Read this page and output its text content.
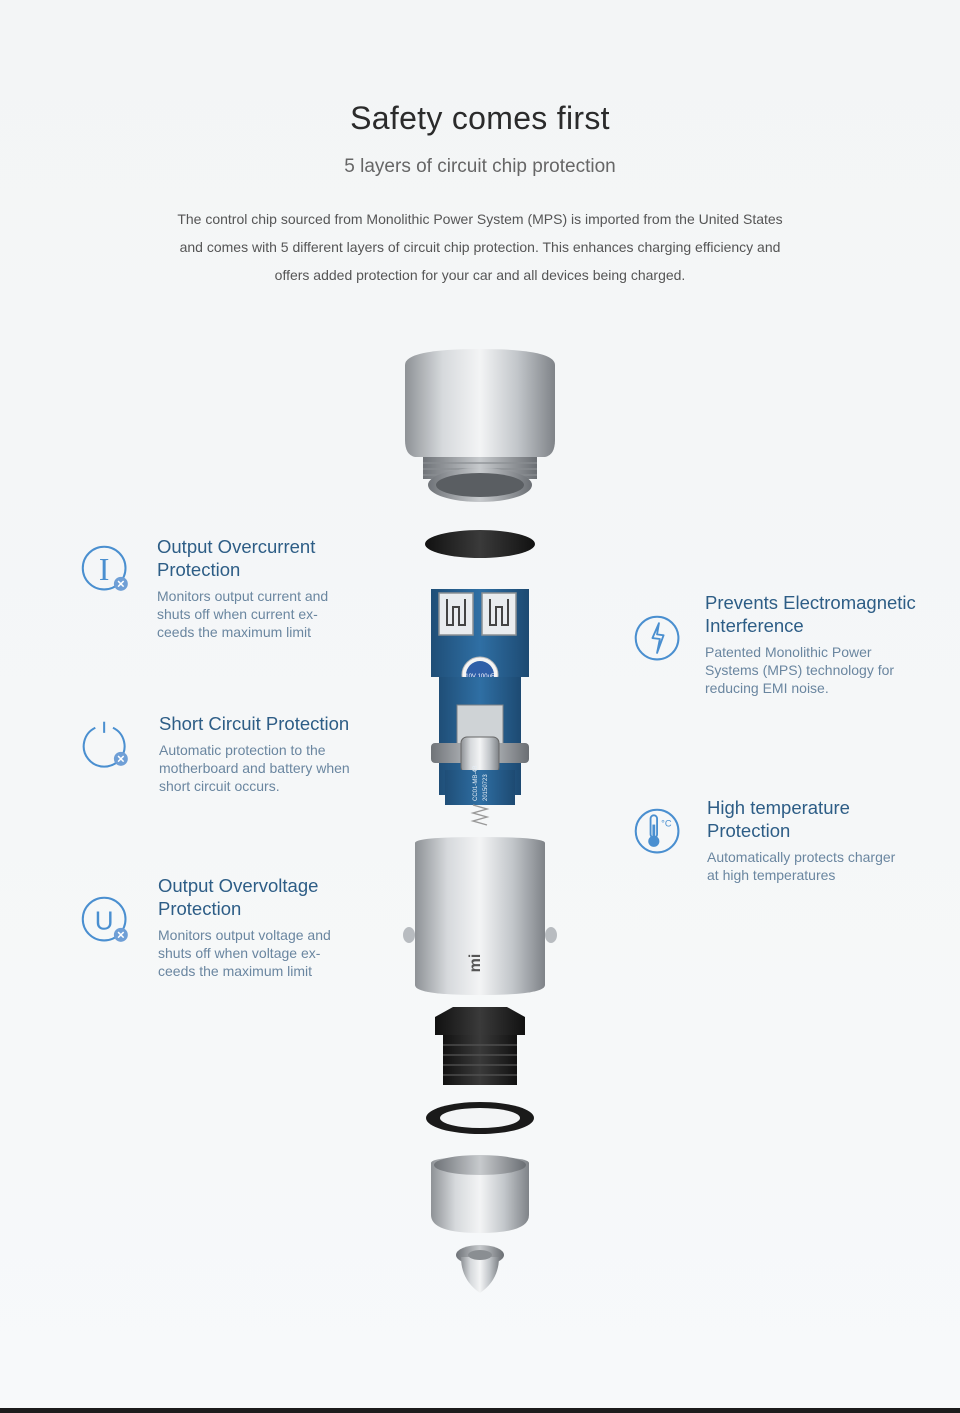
Safety comes first
5 layers of circuit chip protection
The control chip sourced from Monolithic Power System (MPS) is imported from the United States
and comes with 5 different layers of circuit chip protection. This enhances charging efficiency and
offers added protection for your car and all devices being charged.
I
Output Overcurrent
Protection

Monitors output current and
shuts off when current ex-
ceeds the maximum limit

Short Circuit Protection

Automatic protection to the
motherboard and battery when
short circuit occurs.

U
Output Overvoltage
Protection

Monitors output voltage and
shuts off when voltage ex-
ceeds the maximum limit

Prevents Electromagnetic
Interference

Patented Monolithic Power
Systems (MPS) technology for
reducing EMI noise.

°C
High temperature
Protection

Automatically protects charger
at high temperatures

CC01-MB-4B 20150723
mi
